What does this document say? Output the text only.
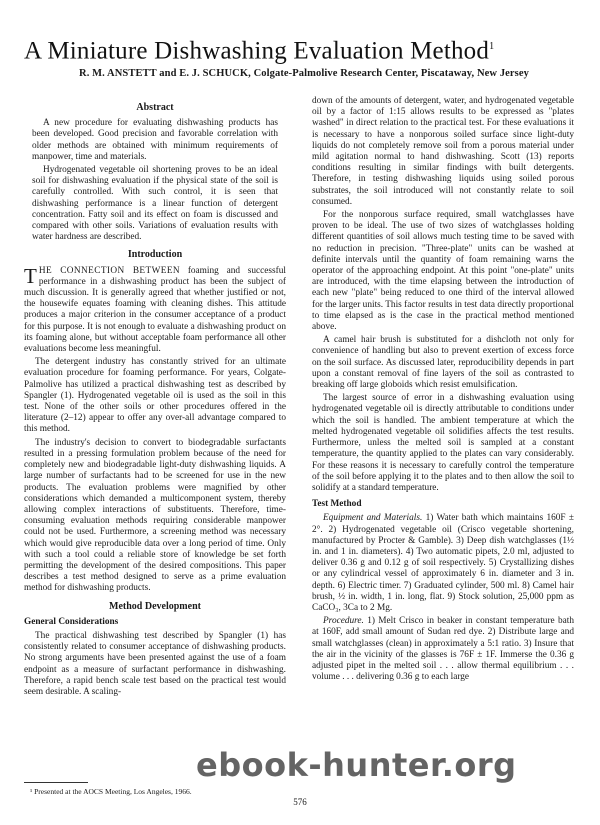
A Miniature Dishwashing Evaluation Method$^1$
R. M. ANSTETT and E. J. SCHUCK, Colgate-Palmolive Research Center, Piscataway, New Jersey
Abstract

A new procedure for evaluating dishwashing products has been developed. Good precision and favorable correlation with older methods are obtained with minimum requirements of manpower, time and materials.

Hydrogenated vegetable oil shortening proves to be an ideal soil for dishwashing evaluation if the physical state of the soil is carefully controlled. With such control, it is seen that dishwashing performance is a linear function of detergent concentration. Fatty soil and its effect on foam is discussed and compared with other soils. Variations of evaluation results with water hardness are described.

Introduction

THE CONNECTION BETWEEN foaming and successful performance in a dishwashing product has been the subject of much discussion. It is generally agreed that whether justified or not, the housewife equates foaming with cleaning dishes. This attitude produces a major criterion in the consumer acceptance of a product for this purpose. It is not enough to evaluate a dishwashing product on its foaming alone, but without acceptable foam performance all other evaluations become less meaningful.

The detergent industry has constantly strived for an ultimate evaluation procedure for foaming performance. For years, Colgate-Palmolive has utilized a practical dishwashing test as described by Spangler (1). Hydrogenated vegetable oil is used as the soil in this test. None of the other soils or other procedures offered in the literature (2–12) appear to offer any over-all advantage compared to this method.

The industry's decision to convert to biodegradable surfactants resulted in a pressing formulation problem because of the need for completely new and biodegradable light-duty dishwashing liquids. A large number of surfactants had to be screened for use in the new products. The evaluation problems were magnified by other considerations which demanded a multicomponent system, thereby allowing complex interactions of substituents. Therefore, time-consuming evaluation methods requiring considerable manpower could not be used. Furthermore, a screening method was necessary which would give reproducible data over a long period of time. Only with such a tool could a reliable store of knowledge be set forth permitting the development of the desired compositions. This paper describes a test method designed to serve as a prime evaluation method for dishwashing products.

Method Development
General Considerations

The practical dishwashing test described by Spangler (1) has consistently related to consumer acceptance of dishwashing products. No strong arguments have been presented against the use of a foam endpoint as a measure of surfactant performance in dishwashing. Therefore, a rapid bench scale test based on the practical test would seem desirable. A scaling-

down of the amounts of detergent, water, and hydrogenated vegetable oil by a factor of 1:15 allows results to be expressed as "plates washed" in direct relation to the practical test. For these evaluations it is necessary to have a nonporous soiled surface since light-duty liquids do not completely remove soil from a porous material under mild agitation normal to hand dishwashing. Scott (13) reports conditions resulting in similar findings with built detergents. Therefore, in testing dishwashing liquids using soiled porous substrates, the soil introduced will not constantly relate to soil consumed.

For the nonporous surface required, small watchglasses have proven to be ideal. The use of two sizes of watchglasses holding different quantities of soil allows much testing time to be saved with no reduction in precision. "Three-plate" units can be washed at definite intervals until the quantity of foam remaining warns the operator of the approaching endpoint. At this point "one-plate" units are introduced, with the time elapsing between the introduction of each new "plate" being reduced to one third of the interval allowed for the larger units. This factor results in test data directly proportional to time elapsed as is the case in the practical method mentioned above.

A camel hair brush is substituted for a dishcloth not only for convenience of handling but also to prevent exertion of excess force on the soil surface. As discussed later, reproducibility depends in part upon a constant removal of fine layers of the soil as contrasted to breaking off large globoids which resist emulsification.

The largest source of error in a dishwashing evaluation using hydrogenated vegetable oil is directly attributable to conditions under which the soil is handled. The ambient temperature at which the melted hydrogenated vegetable oil solidifies affects the test results. Furthermore, unless the melted soil is sampled at a constant temperature, the quantity applied to the plates can vary considerably. For these reasons it is necessary to carefully control the temperature of the soil before applying it to the plates and to then allow the soil to solidify at a standard temperature.

Test Method

Equipment and Materials. 1) Water bath which maintains 160F ± 2°. 2) Hydrogenated vegetable oil (Crisco vegetable shortening, manufactured by Procter & Gamble). 3) Deep dish watchglasses (1½ in. and 1 in. diameters). 4) Two automatic pipets, 2.0 ml, adjusted to deliver 0.36 g and 0.12 g of soil respectively. 5) Crystallizing dishes or any cylindrical vessel of approximately 6 in. diameter and 3 in. depth. 6) Electric timer. 7) Graduated cylinder, 500 ml. 8) Camel hair brush, ½ in. width, 1 in. long, flat. 9) Stock solution, 25,000 ppm as CaCO₃, 3Ca to 2 Mg.

Procedure. 1) Melt Crisco in beaker in constant temperature bath at 160F, add small amount of Sudan red dye. 2) Distribute large and small watchglasses (clean) in approximately a 5:1 ratio. 3) Insure that the air in the vicinity of the glasses is 76F ± 1F. Immerse the 0.36 g adjusted pipet in the melted soil . . . allow thermal equilibrium . . . volume . . . delivering 0.36 g to each large

¹ Presented at the AOCS Meeting, Los Angeles, 1966.
576
ebook-hunter.org
